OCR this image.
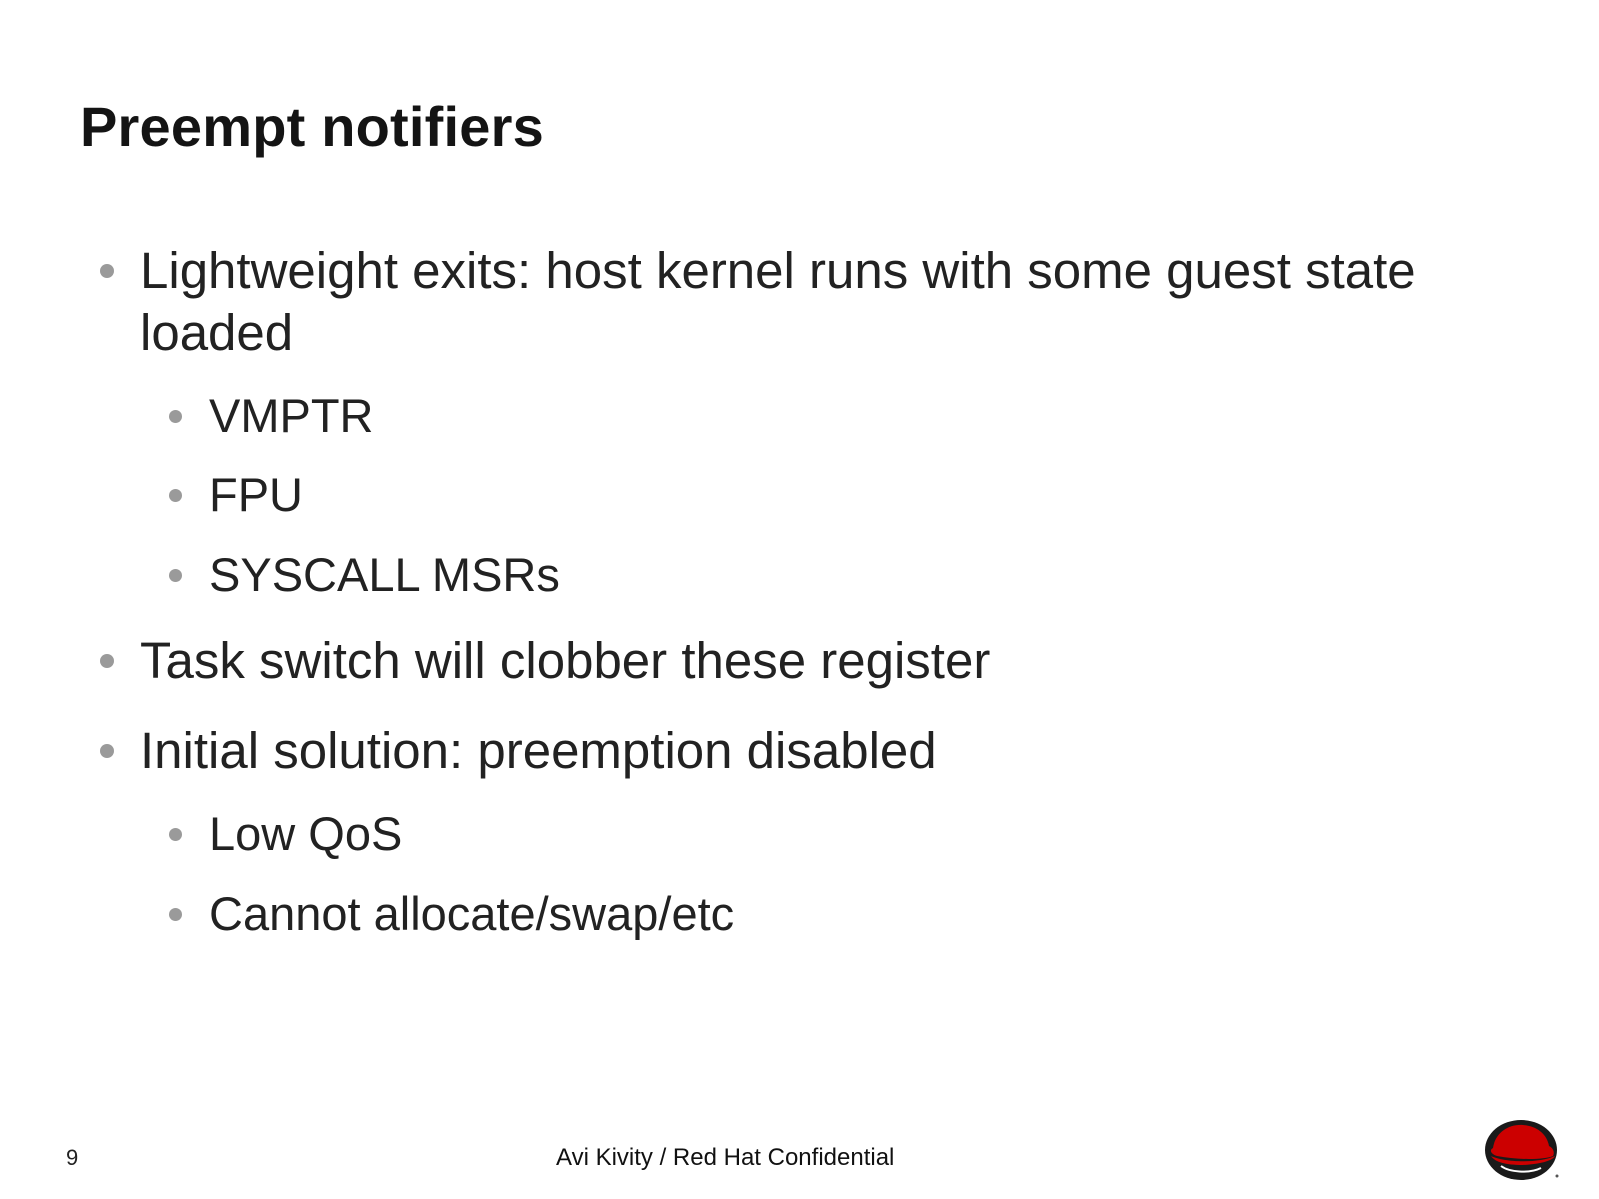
Preempt notifiers
Lightweight exits: host kernel runs with some guest state loaded
VMPTR
FPU
SYSCALL MSRs
Task switch will clobber these register
Initial solution: preemption disabled
Low QoS
Cannot allocate/swap/etc
9	Avi Kivity / Red Hat Confidential
